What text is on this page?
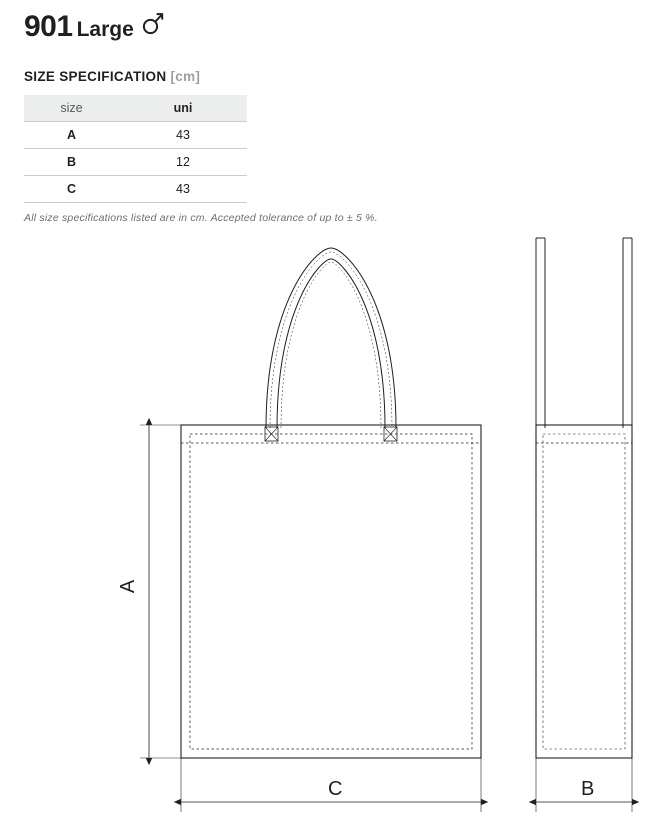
901 Large
SIZE SPECIFICATION [cm]
size	uni
A	43
B	12
C	43
All size specifications listed are in cm. Accepted tolerance of up to ± 5 %.
A
C	B
